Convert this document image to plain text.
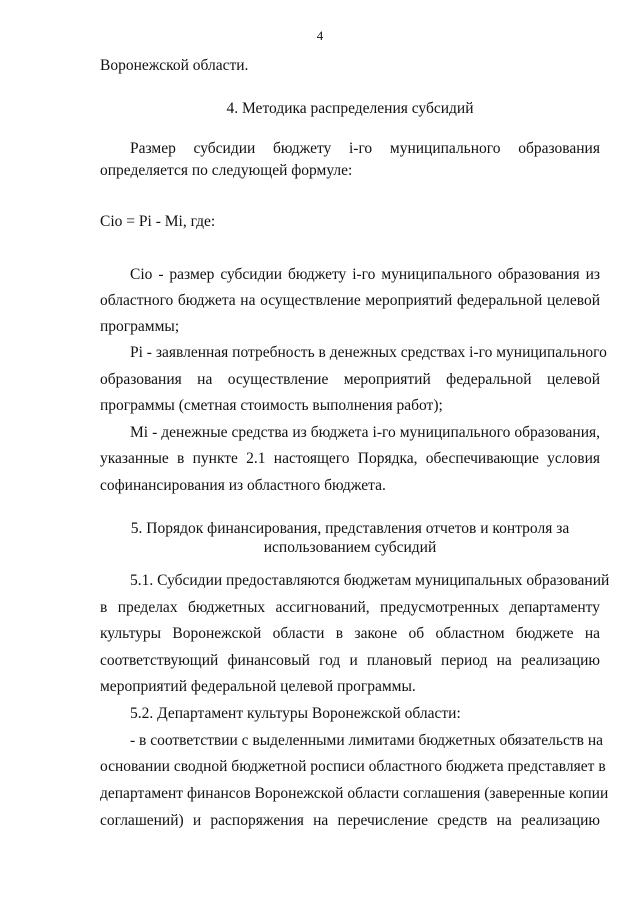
4
Воронежской области.
4. Методика распределения субсидий
Размер субсидии бюджету i-го муниципального образования
определяется по следующей формуле:
Cio = Pi - Mi, где:
Cio - размер субсидии бюджету i-го муниципального образования из
областного бюджета на осуществление мероприятий федеральной целевой
программы;
Pi - заявленная потребность в денежных средствах i-го муниципального
образования на осуществление мероприятий федеральной целевой
программы (сметная стоимость выполнения работ);
Mi - денежные средства из бюджета i-го муниципального образования,
указанные в пункте 2.1 настоящего Порядка, обеспечивающие условия
софинансирования из областного бюджета.
5. Порядок финансирования, представления отчетов и контроля за
использованием субсидий
5.1. Субсидии предоставляются бюджетам муниципальных образований
в пределах бюджетных ассигнований, предусмотренных департаменту
культуры Воронежской области в законе об областном бюджете на
соответствующий финансовый год и плановый период на реализацию
мероприятий федеральной целевой программы.
5.2. Департамент культуры Воронежской области:
- в соответствии с выделенными лимитами бюджетных обязательств на
основании сводной бюджетной росписи областного бюджета представляет в
департамент финансов Воронежской области соглашения (заверенные копии
соглашений) и распоряжения на перечисление средств на реализацию
